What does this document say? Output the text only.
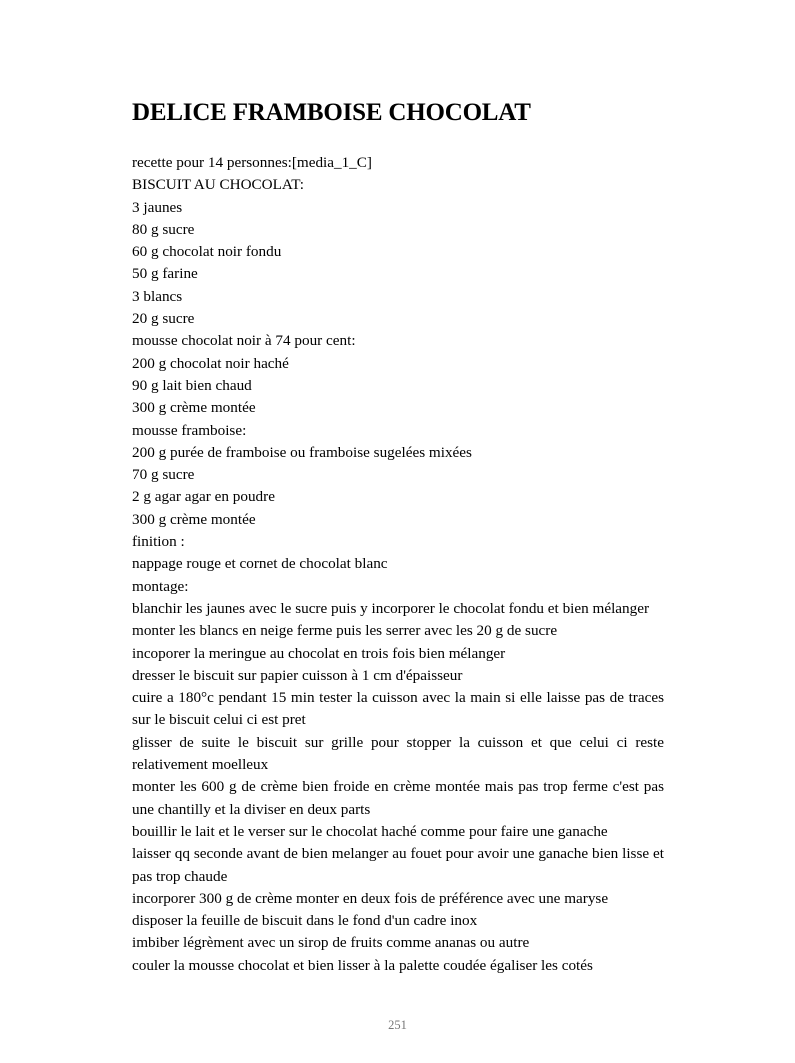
DELICE FRAMBOISE CHOCOLAT
recette pour 14 personnes:[media_1_C]
BISCUIT AU CHOCOLAT:
3 jaunes
80 g sucre
60 g chocolat noir fondu
50 g farine
3 blancs
20 g sucre
mousse chocolat noir à 74 pour cent:
200 g chocolat noir haché
90 g lait bien chaud
300 g crème montée
mousse framboise:
200 g purée de framboise ou framboise sugelées mixées
70 g sucre
2 g agar agar en poudre
300 g crème montée
finition :
nappage rouge et cornet de chocolat blanc
montage:
blanchir les jaunes avec le sucre puis y incorporer le chocolat fondu et bien mélanger
monter les blancs en neige ferme puis les serrer avec les 20 g de sucre
incoporer la meringue au chocolat en trois fois bien mélanger
dresser le biscuit sur papier cuisson à 1 cm d'épaisseur
cuire a 180°c pendant 15 min tester la cuisson avec la main si elle laisse pas de traces sur le biscuit celui ci est pret
glisser de suite le biscuit sur grille pour stopper la cuisson et que celui ci reste relativement moelleux
monter les 600 g de crème bien froide en crème montée mais pas trop ferme c'est pas une chantilly et la diviser en deux parts
bouillir le lait et le verser sur le chocolat haché comme pour faire une ganache
laisser qq seconde avant de bien melanger au fouet pour avoir une ganache bien lisse et pas trop chaude
incorporer 300 g de crème monter en deux fois de préférence avec une maryse
disposer la feuille de biscuit dans le fond d'un cadre inox
imbiber légrèment avec un sirop de fruits comme ananas ou autre
couler la mousse chocolat et bien lisser à la palette coudée égaliser les cotés
251
